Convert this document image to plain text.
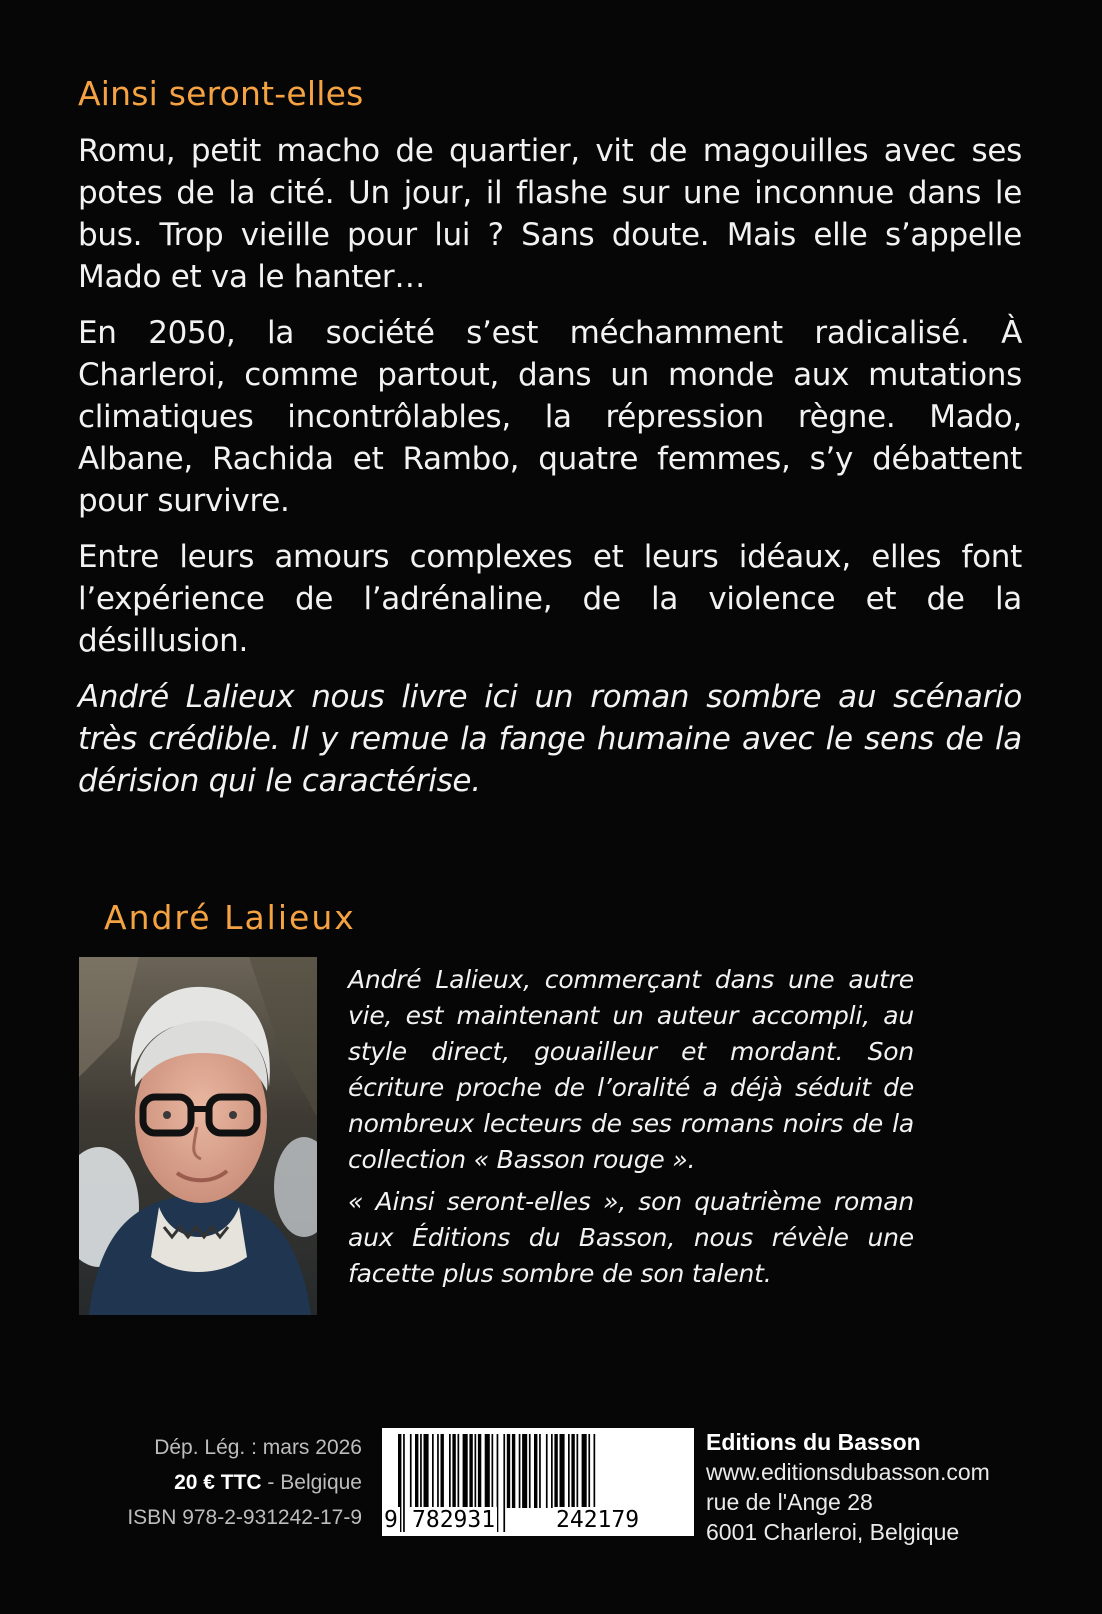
Ainsi seront-elles

Romu, petit macho de quartier, vit de magouilles avec ses potes de la cité. Un jour, il flashe sur une inconnue dans le bus. Trop vieille pour lui ? Sans doute. Mais elle s’appelle Mado et va le hanter…

En 2050, la société s’est méchamment radicalisé. À Charleroi, comme partout, dans un monde aux mutations climatiques incontrôlables, la répression règne. Mado, Albane, Rachida et Rambo, quatre femmes, s’y débattent pour survivre.

Entre leurs amours complexes et leurs idéaux, elles font l’expérience de l’adrénaline, de la violence et de la désillusion.

André Lalieux nous livre ici un roman sombre au scénario très crédible. Il y remue la fange humaine avec le sens de la dérision qui le caractérise.

André Lalieux

André Lalieux, commerçant dans une autre vie, est maintenant un auteur accompli, au style direct, gouailleur et mordant. Son écriture proche de l’oralité a déjà séduit de nombreux lecteurs de ses romans noirs de la collection « Basson rouge ».

« Ainsi seront-elles », son quatrième roman aux Éditions du Basson, nous révèle une facette plus sombre de son talent.

Dép. Lég. : mars 2026
20 € TTC - Belgique
ISBN 978-2-931242-17-9 9 782931	242179
Editions du Basson
www.editionsdubasson.com
rue de l'Ange 28
6001 Charleroi, Belgique
